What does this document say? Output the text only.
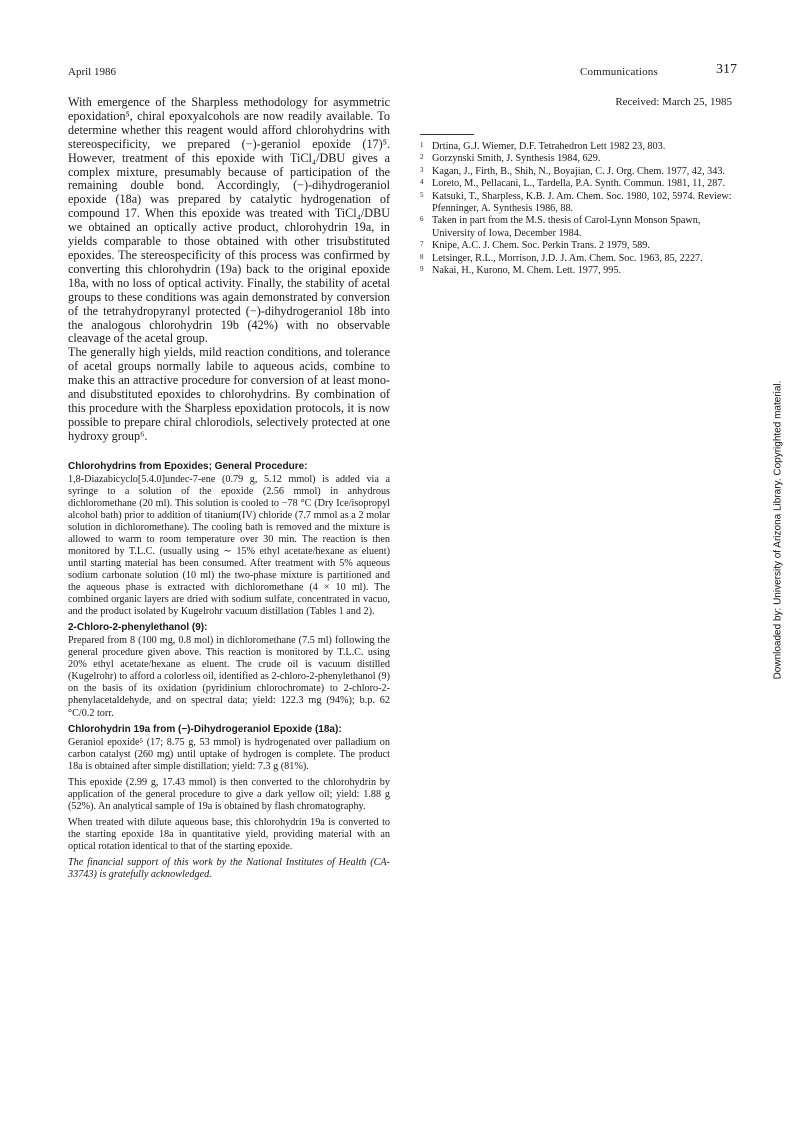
April 1986	Communications	317

With emergence of the Sharpless methodology for asymmetric epoxidation⁵, chiral epoxyalcohols are now readily available. To determine whether this reagent would afford chlorohydrins with stereospecificity, we prepared (−)-geraniol epoxide (17)⁵. However, treatment of this epoxide with TiCl₄/DBU gives a complex mixture, presumably because of participation of the remaining double bond. Accordingly, (−)-dihydrogeraniol epoxide (18a) was prepared by catalytic hydrogenation of compound 17. When this epoxide was treated with TiCl₄/DBU we obtained an optically active product, chlorohydrin 19a, in yields comparable to those obtained with other trisubstituted epoxides. The stereospecificity of this process was confirmed by converting this chlorohydrin (19a) back to the original epoxide 18a, with no loss of optical activity. Finally, the stability of acetal groups to these conditions was again demonstrated by conversion of the tetrahydropyranyl protected (−)-dihydrogeraniol 18b into the analogous chlorohydrin 19b (42%) with no observable cleavage of the acetal group.

The generally high yields, mild reaction conditions, and tolerance of acetal groups normally labile to aqueous acids, combine to make this an attractive procedure for conversion of at least mono- and disubstituted epoxides to chlorohydrins. By combination of this procedure with the Sharpless epoxidation protocols, it is now possible to prepare chiral chlorodiols, selectively protected at one hydroxy group⁶.

Chlorohydrins from Epoxides; General Procedure:

1,8-Diazabicyclo[5.4.0]undec-7-ene (0.79 g, 5.12 mmol) is added via a syringe to a solution of the epoxide (2.56 mmol) in anhydrous dichloromethane (20 ml). This solution is cooled to −78 °C (Dry Ice/isopropyl alcohol bath) prior to addition of titanium(IV) chloride (7.7 mmol as a 2 molar solution in dichloromethane). The cooling bath is removed and the mixture is allowed to warm to room temperature over 30 min. The reaction is then monitored by T.L.C. (usually using ∼ 15% ethyl acetate/hexane as eluent) until starting material has been consumed. After treatment with 5% aqueous sodium carbonate solution (10 ml) the two-phase mixture is partitioned and the aqueous phase is extracted with dichloromethane (4 × 10 ml). The combined organic layers are dried with sodium sulfate, concentrated in vacuo, and the product isolated by Kugelrohr vacuum distillation (Tables 1 and 2).

2-Chloro-2-phenylethanol (9):

Prepared from 8 (100 mg, 0.8 mol) in dichloromethane (7.5 ml) following the general procedure given above. This reaction is monitored by T.L.C. using 20% ethyl acetate/hexane as eluent. The crude oil is vacuum distilled (Kugelrohr) to afford a colorless oil, identified as 2-chloro-2-phenylethanol (9) on the basis of its oxidation (pyridinium chlorochromate) to 2-chloro-2-phenylacetaldehyde, and on spectral data; yield: 122.3 mg (94%); b.p. 62 °C/0.2 torr.

Chlorohydrin 19a from (−)-Dihydrogeraniol Epoxide (18a):

Geraniol epoxide⁵ (17; 8.75 g, 53 mmol) is hydrogenated over palladium on carbon catalyst (260 mg) until uptake of hydrogen is complete. The product 18a is obtained after simple distillation; yield: 7.3 g (81%).

This epoxide (2.99 g, 17.43 mmol) is then converted to the chlorohydrin by application of the general procedure to give a dark yellow oil; yield: 1.88 g (52%). An analytical sample of 19a is obtained by flash chromatography.

When treated with dilute aqueous base, this chlorohydrin 19a is converted to the starting epoxide 18a in quantitative yield, providing material with an optical rotation identical to that of the starting epoxide.

The financial support of this work by the National Institutes of Health (CA-33743) is gratefully acknowledged.

Received: March 25, 1985

1 Drtina, G.J. Wiemer, D.F. Tetrahedron Lett 1982 23, 803.
2 Gorzynski Smith, J. Synthesis 1984, 629.
3 Kagan, J., Firth, B., Shih, N., Boyajian, C. J. Org. Chem. 1977, 42, 343.
4 Loreto, M., Pellacani, L., Tardella, P.A. Synth. Commun. 1981, 11, 287.
5 Katsuki, T., Sharpless, K.B. J. Am. Chem. Soc. 1980, 102, 5974. Review: Pfenninger, A. Synthesis 1986, 88.
6 Taken in part from the M.S. thesis of Carol-Lynn Monson Spawn, University of Iowa, December 1984.
7 Knipe, A.C. J. Chem. Soc. Perkin Trans. 2 1979, 589.
8 Letsinger, R.L., Morrison, J.D. J. Am. Chem. Soc. 1963, 85, 2227.
9 Nakai, H., Kurono, M. Chem. Lett. 1977, 995.
Downloaded by: University of Arizona Library. Copyrighted material.
